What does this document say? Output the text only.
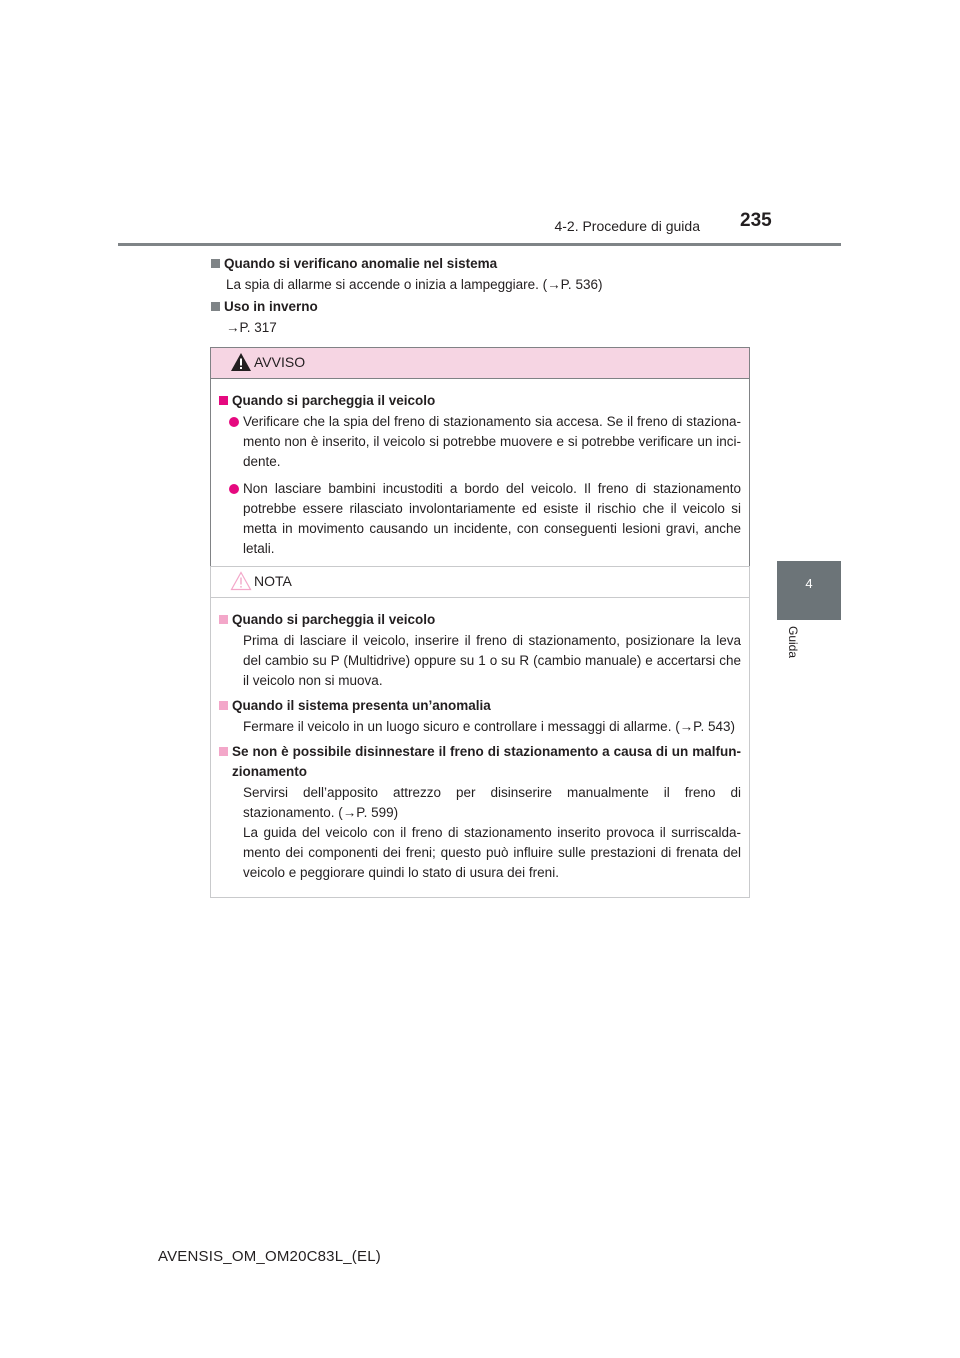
4-2. Procedure di guida 235
4
Guida
Quando si verificano anomalie nel sistema
La spia di allarme si accende o inizia a lampeggiare. (→P. 536)
Uso in inverno
→P. 317
AVVISO
Quando si parcheggia il veicolo
Verificare che la spia del freno di stazionamento sia accesa. Se il freno di staziona-mento non è inserito, il veicolo si potrebbe muovere e si potrebbe verificare un inci-dente.
Non lasciare bambini incustoditi a bordo del veicolo. Il freno di stazionamento potrebbe essere rilasciato involontariamente ed esiste il rischio che il veicolo si metta in movimento causando un incidente, con conseguenti lesioni gravi, anche letali.
NOTA
Quando si parcheggia il veicolo
Prima di lasciare il veicolo, inserire il freno di stazionamento, posizionare la leva del cambio su P (Multidrive) oppure su 1 o su R (cambio manuale) e accertarsi che il veicolo non si muova.
Quando il sistema presenta un’anomalia
Fermare il veicolo in un luogo sicuro e controllare i messaggi di allarme. (→P. 543)
Se non è possibile disinnestare il freno di stazionamento a causa di un malfun-zionamento
Servirsi dell’apposito attrezzo per disinserire manualmente il freno di stazionamento. (→P. 599)
La guida del veicolo con il freno di stazionamento inserito provoca il surriscalda-mento dei componenti dei freni; questo può influire sulle prestazioni di frenata del veicolo e peggiorare quindi lo stato di usura dei freni.
AVENSIS_OM_OM20C83L_(EL)
